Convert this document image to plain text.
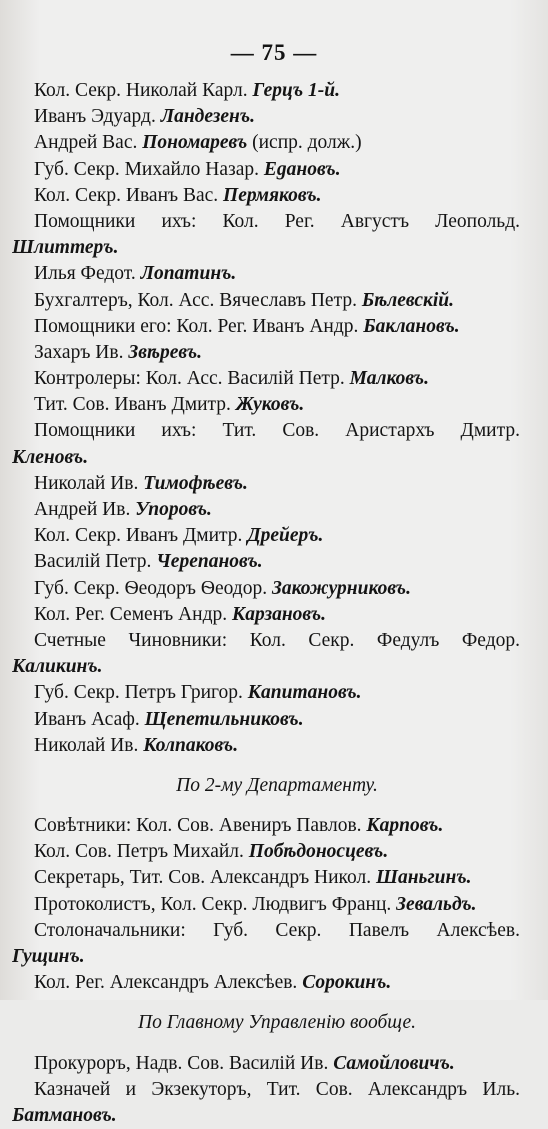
— 75 —
Кол. Секр. Николай Карл. Герцъ 1-й.
Иванъ Эдуард. Ландезенъ.
Андрей Вас. Пономаревъ (испр. долж.)
Губ. Секр. Михайло Назар. Egановъ.
Кол. Секр. Иванъ Вас. Пермяковъ.
Помощники ихъ: Кол. Рег. Августъ Леопольд.
Шлиттеръ.
Илья Федот. Лопатинъ.
Бухгалтеръ, Кол. Асс. Вячеславъ Петр. Бѣлевскій.
Помощники его: Кол. Рег. Иванъ Андр. Баклановъ.
Захаръ Ив. Звѣревъ.
Контролеры: Кол. Асс. Василій Петр. Малковъ.
Тит. Сов. Иванъ Дмитр. Жуковъ.
Помощники ихъ: Тит. Сов. Аристархъ Дмитр.
Кленовъ.
Николай Ив. Тимофѣевъ.
Андрей Ив. Упоровъ.
Кол. Секр. Иванъ Дмитр. Дрейеръ.
Василій Петр. Черепановъ.
Губ. Секр. Ѳеодоръ Ѳеодор. Закожурниковъ.
Кол. Рег. Семенъ Андр. Карзановъ.
Счетные Чиновники: Кол. Секр. Федулъ Федор.
Каликинъ.
Губ. Секр. Петръ Григор. Капитановъ.
Иванъ Асаф. Щепетильниковъ.
Николай Ив. Колпаковъ.
По 2-му Департаменту.
Совѣтники: Кол. Сов. Авениръ Павлов. Карповъ.
Кол. Сов. Петръ Михайл. Побѣдоносцевъ.
Секретарь, Тит. Сов. Александръ Никол. Шаньгинъ.
Протоколистъ, Кол. Секр. Людвигъ Франц. Зевальдъ.
Столоначальники: Губ. Секр. Павелъ Алексѣев.
Гущинъ.
Кол. Рег. Александръ Алексѣев. Сорокинъ.
По Главному Управленію вообще.
Прокуроръ, Надв. Сов. Василій Ив. Самойловичъ.
Казначей и Экзекуторъ, Тит. Сов. Александръ Иль.
Батмановъ.
